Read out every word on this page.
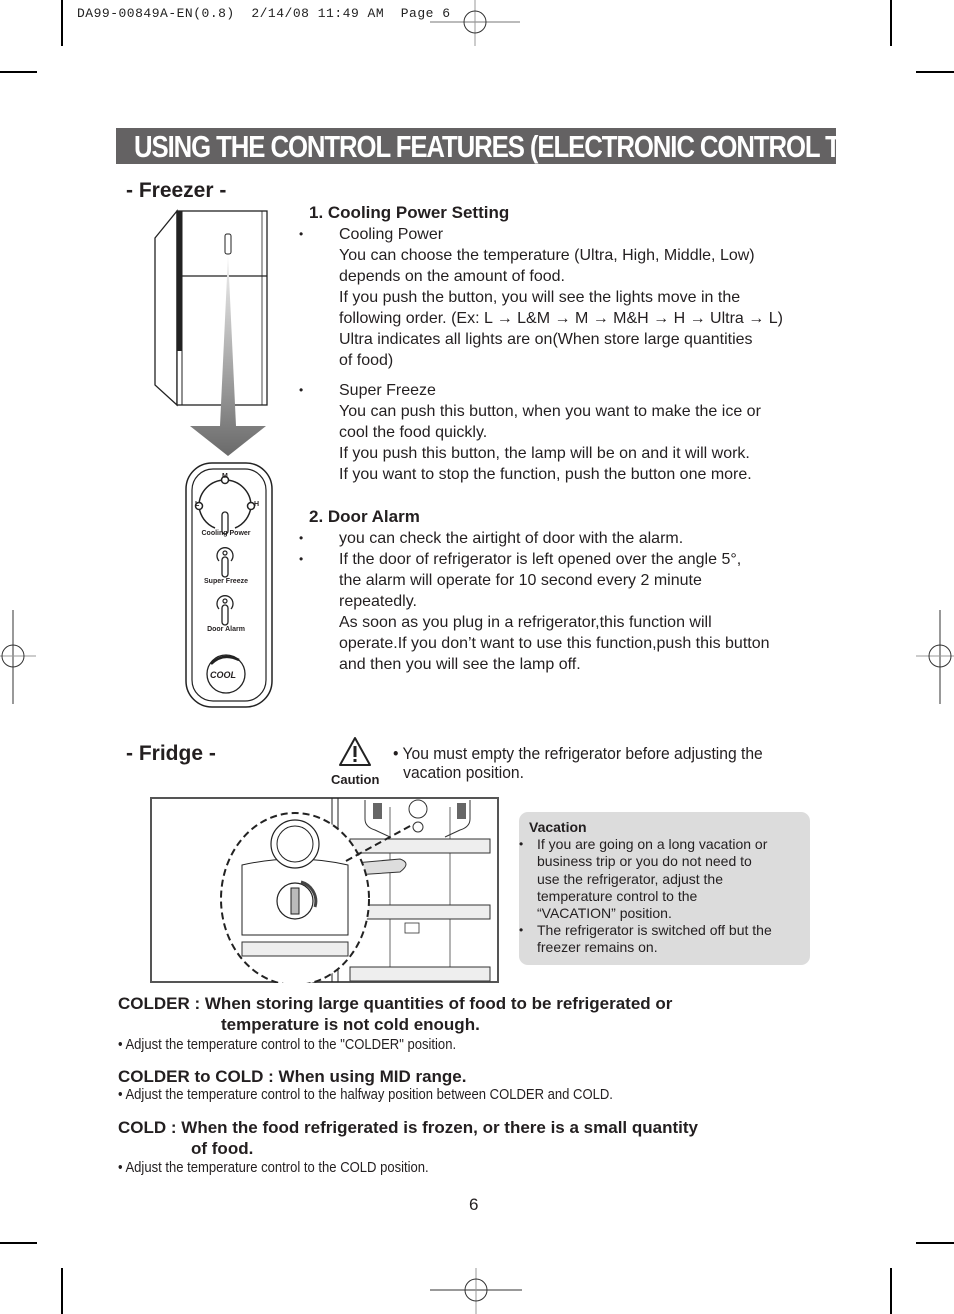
DA99-00849A-EN(0.8)  2/14/08 11:49 AM  Page 6
USING THE CONTROL FEATURES (ELECTRONIC CONTROL TYPE)
- Freezer -
M
L	H
Cooling Power
Super Freeze
Door Alarm
COOL
1. Cooling Power Setting
• Cooling Power
You can choose the temperature (Ultra, High, Middle, Low)
depends on the amount of food.
If you push the button, you will see the lights move in the
following order. (Ex: L → L&M → M → M&H → H → Ultra → L)
Ultra indicates all lights are on(When store large quantities
of food)
• Super Freeze
You can push this button, when you want to make the ice or
cool the food quickly.
If you push this button, the lamp will be on and it will work.
If you want to stop the function, push the button one more.
2. Door Alarm
• you can check the airtight of door with the alarm.
• If the door of refrigerator is left opened over the angle 5°,
the alarm will operate for 10 second every 2 minute
repeatedly.
As soon as you plug in a refrigerator,this function will
operate.If you don’t want to use this function,push this button
and then you will see the lamp off.
- Fridge -
Caution
• You must empty the refrigerator before adjusting the
vacation position.
Vacation
• If you are going on a long vacation or
business trip or you do not need to
use the refrigerator, adjust the
temperature control to the
“VACATION” position.
• The refrigerator is switched off but the
freezer remains on.
COLDER : When storing large quantities of food to be refrigerated or
temperature is not cold enough.
• Adjust the temperature control to the "COLDER" position.
COLDER to COLD : When using MID range.
• Adjust the temperature control to the halfway position between COLDER and COLD.
COLD : When the food refrigerated is frozen, or there is a small quantity
of food.
• Adjust the temperature control to the COLD position.
6
